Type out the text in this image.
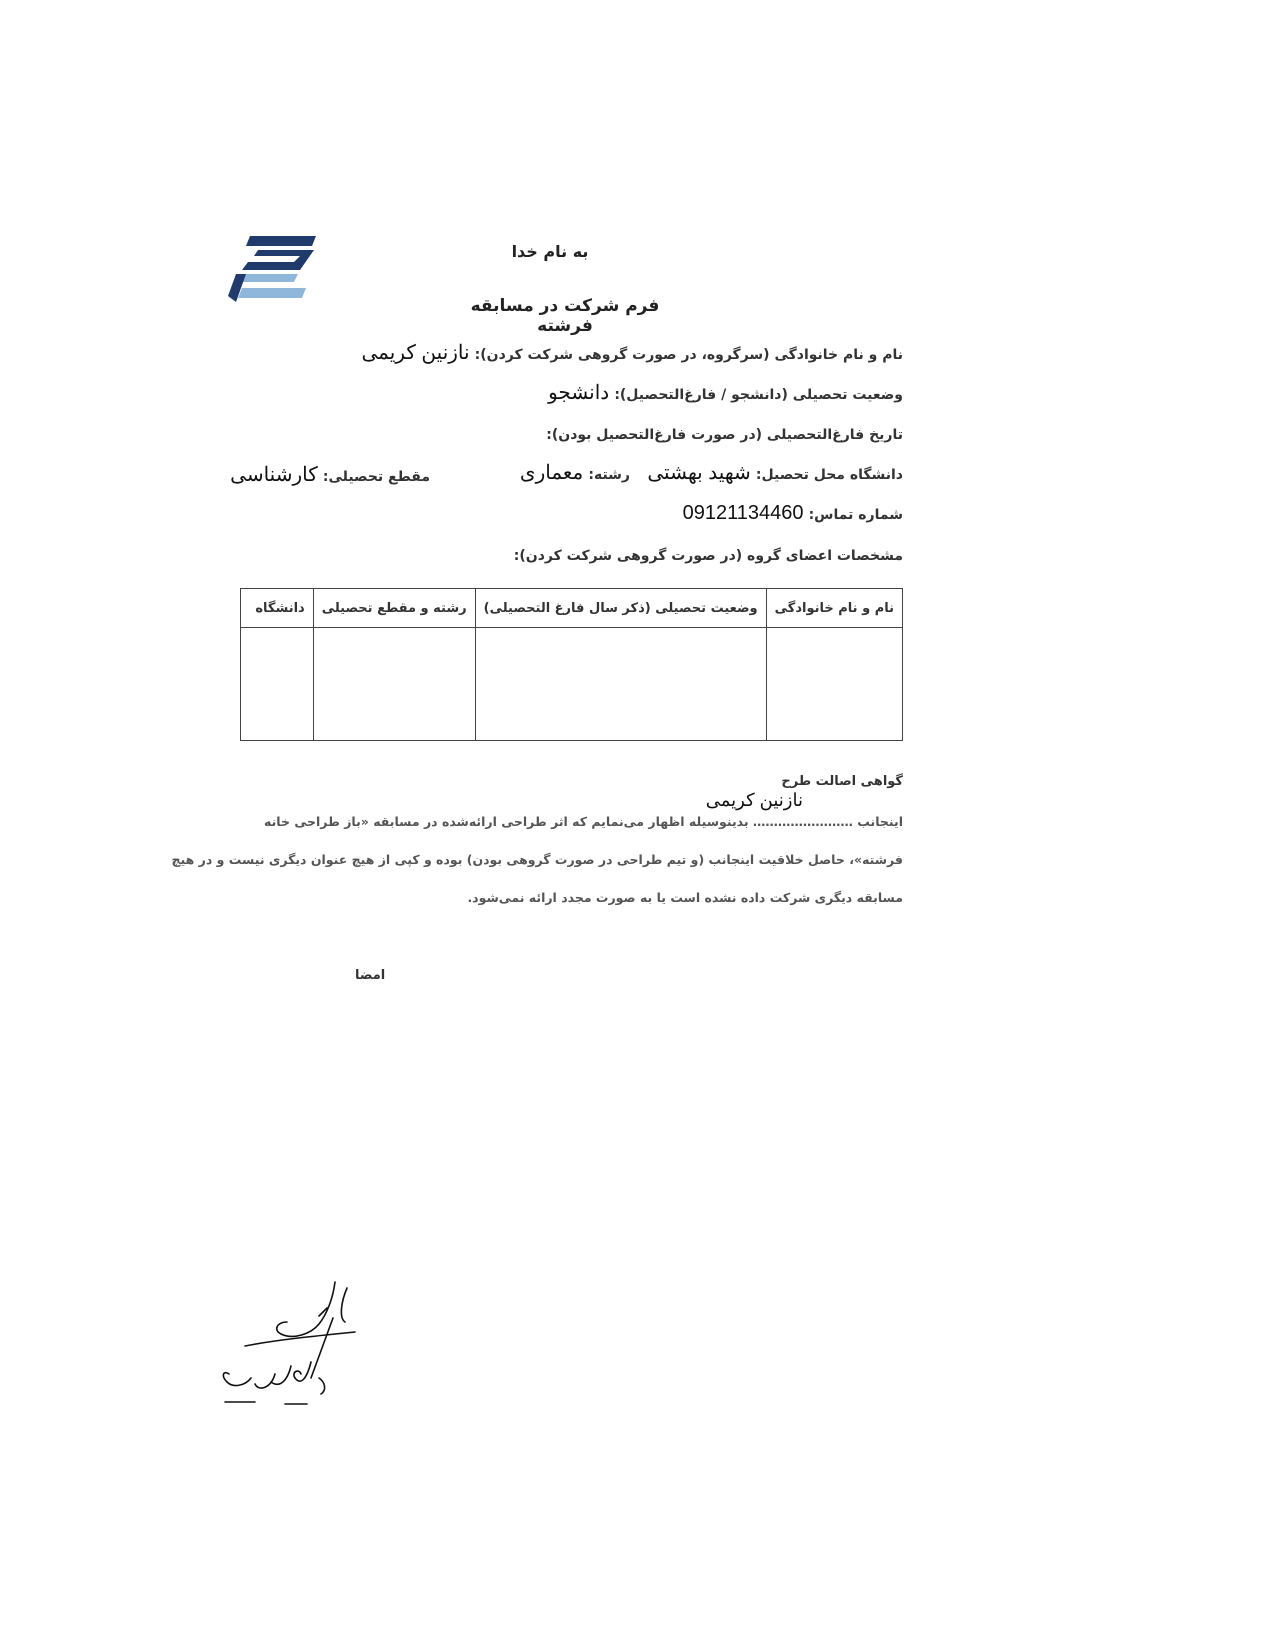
به نام خدا
فرم شرکت در مسابقه فرشته
نام و نام خانوادگی (سرگروه، در صورت گروهی شرکت کردن): نازنین کریمی
وضعیت تحصیلی (دانشجو / فارغ‌التحصیل): دانشجو
تاریخ فارغ‌التحصیلی (در صورت فارغ‌التحصیل بودن):
دانشگاه محل تحصیل: شهید بهشتی
رشته: معماری
مقطع تحصیلی: کارشناسی
شماره تماس: 09121134460
مشخصات اعضای گروه (در صورت گروهی شرکت کردن):
نام و نام خانوادگی	وضعیت تحصیلی (ذکر سال فارغ التحصیلی)	رشته و مقطع تحصیلی	دانشگاه

گواهی اصالت طرح
اینجانب …………………… بدینوسیله اظهار می‌نمایم که اثر طراحی ارائه‌شده در مسابقه «باز طراحی خانه
نازنین کریمی
فرشته»، حاصل خلاقیت اینجانب (و تیم طراحی در صورت گروهی بودن) بوده و کپی از هیچ عنوان دیگری نیست و در هیچ
مسابقه دیگری شرکت داده نشده است یا به صورت مجدد ارائه نمی‌شود.
امضا
